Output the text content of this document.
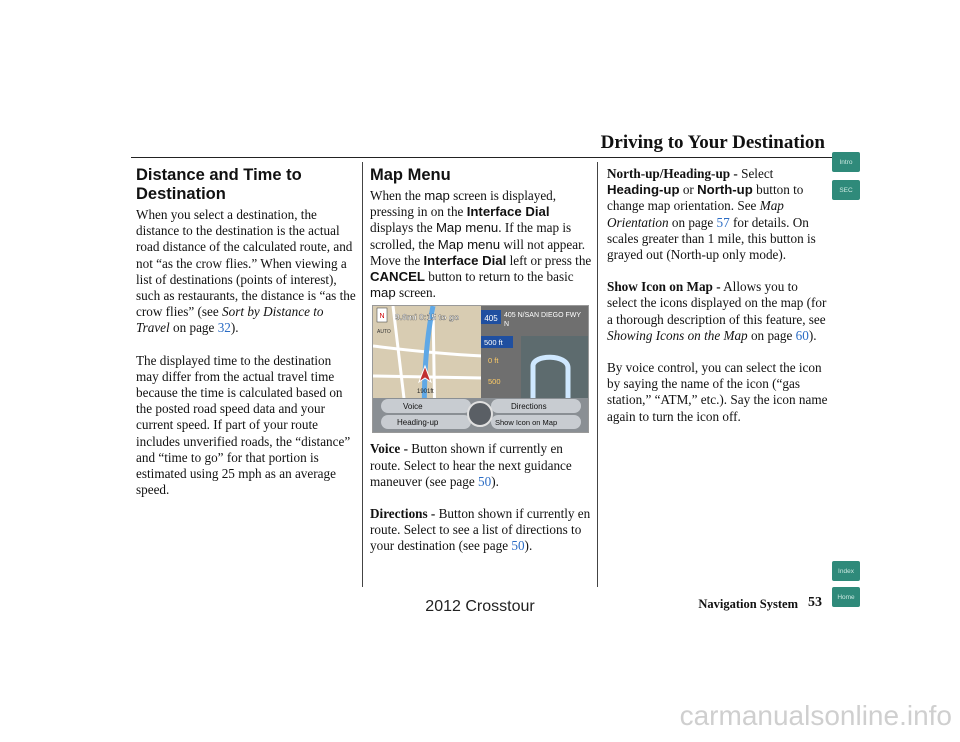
Driving to Your Destination
Intro
SEC
Index
Home
Distance and Time to Destination

When you select a destination, the distance to the destination is the actual road distance of the calculated route, and not “as the crow flies.” When viewing a list of destinations (points of interest), such as restaurants, the distance is “as the crow flies” (see Sort by Distance to Travel on page 32).

The displayed time to the destination may differ from the actual travel time because the time is calculated based on the posted road speed data and your current speed. If part of your route includes unverified roads, the “distance” and “time to go” for that portion is estimated using 25 mph as an average speed.

Map Menu

When the map screen is displayed, pressing in on the Interface Dial displays the Map menu. If the map is scrolled, the Map menu will not appear. Move the Interface Dial left or press the CANCEL button to return to the basic map screen.

405 405 N/SAN DIEGO FWY
N
500 ft
0 ft
500
N
AUTO
9.6mi 0:15 to go
1901ft
Voice	Directions
Heading-up	Show Icon on Map

Voice - Button shown if currently en route. Select to hear the next guidance maneuver (see page 50).

Directions - Button shown if currently en route. Select to see a list of directions to your destination (see page 50).

North-up/Heading-up - Select Heading-up or North-up button to change map orientation. See Map Orientation on page 57 for details. On scales greater than 1 mile, this button is grayed out (North-up only mode).

Show Icon on Map - Allows you to select the icons displayed on the map (for a thorough description of this feature, see Showing Icons on the Map on page 60).

By voice control, you can select the icon by saying the name of the icon (“gas station,” “ATM,” etc.). Say the icon name again to turn the icon off.

Navigation System 53
2012 Crosstour
carmanualsonline.info
